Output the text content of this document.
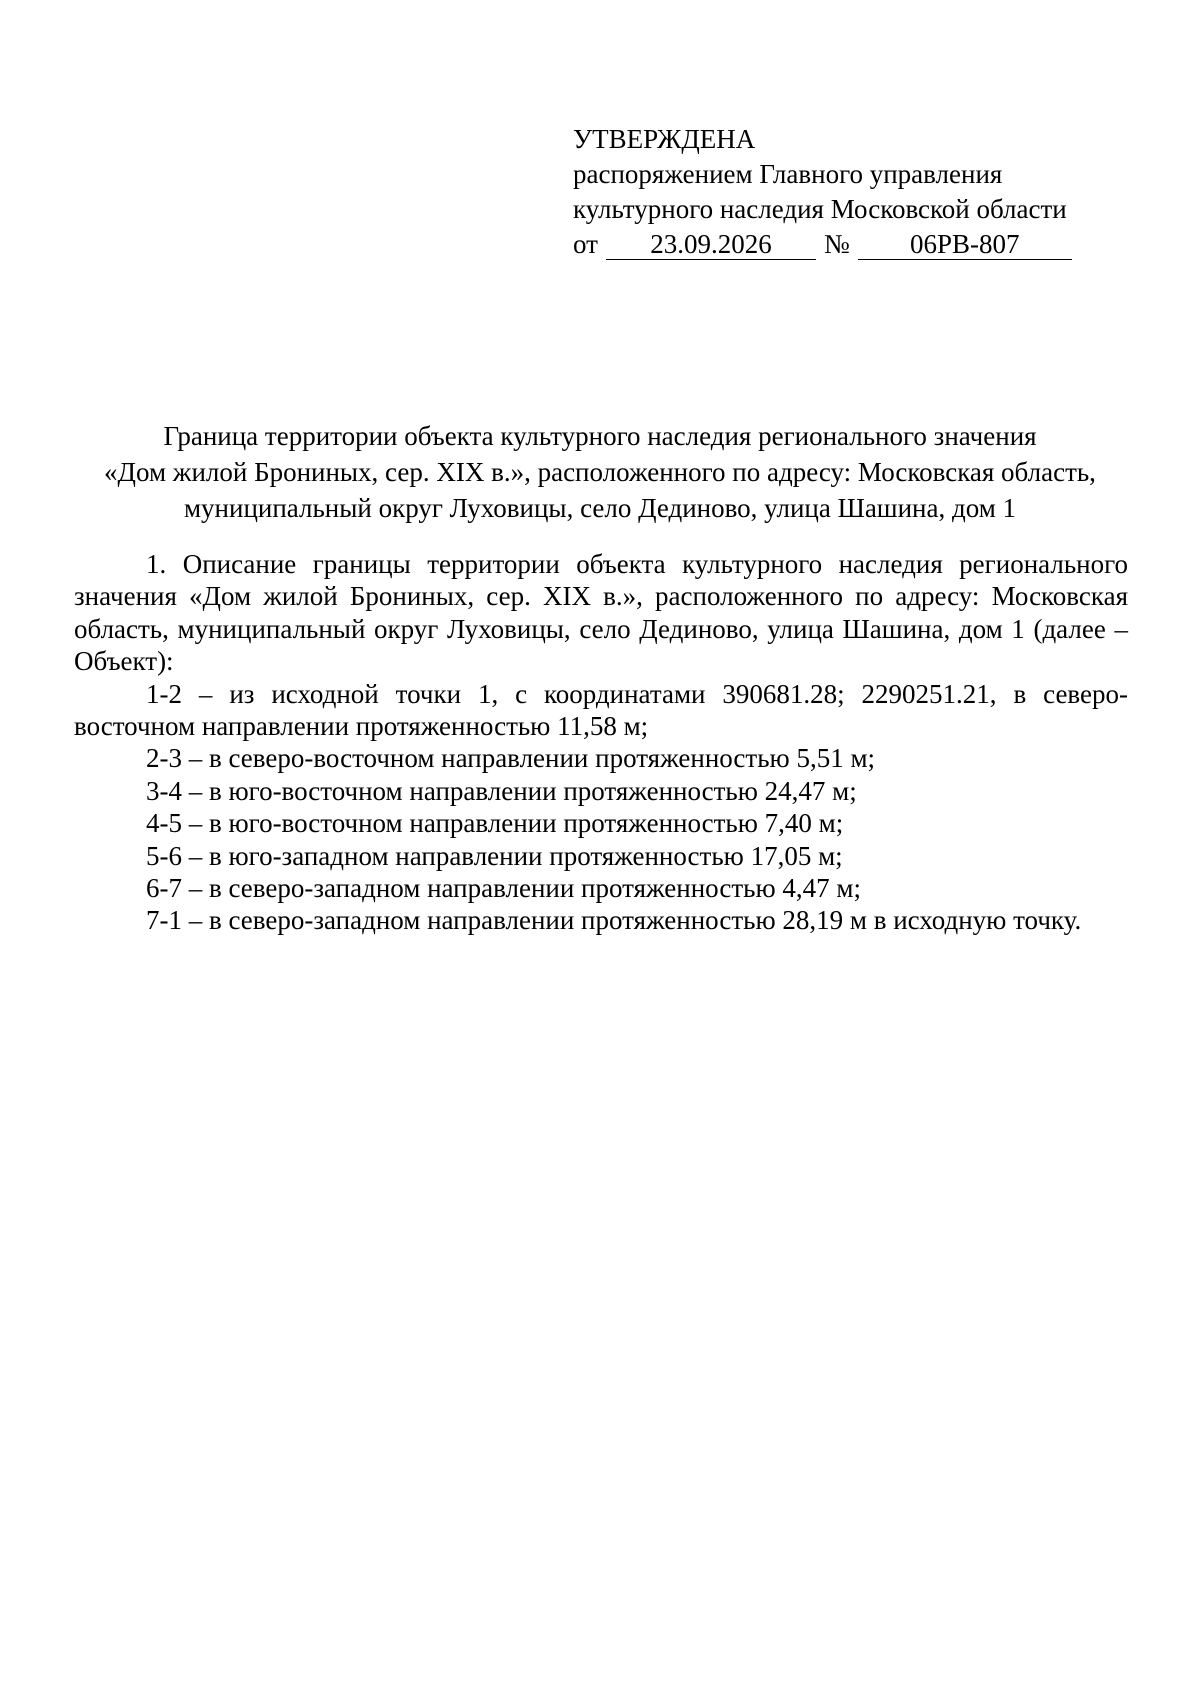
УТВЕРЖДЕНА
распоряжением Главного управления
культурного наследия Московской области
от	23.09.2026	№	06РВ-807
Граница территории объекта культурного наследия регионального значения
«Дом жилой Брониных, сер. XIX в.», расположенного по адресу: Московская область,
муниципальный округ Луховицы, село Дединово, улица Шашина, дом 1

1. Описание границы территории объекта культурного наследия регионального значения «Дом жилой Брониных, сер. XIX в.», расположенного по адресу: Московская область, муниципальный округ Луховицы, село Дединово, улица Шашина, дом 1 (далее – Объект):

1-2 – из исходной точки 1, с координатами 390681.28; 2290251.21, в северо-восточном направлении протяженностью 11,58 м;

2-3 – в северо-восточном направлении протяженностью 5,51 м;

3-4 – в юго-восточном направлении протяженностью 24,47 м;

4-5 – в юго-восточном направлении протяженностью 7,40 м;

5-6 – в юго-западном направлении протяженностью 17,05 м;

6-7 – в северо-западном направлении протяженностью 4,47 м;

7-1 – в северо-западном направлении протяженностью 28,19 м в исходную точку.
